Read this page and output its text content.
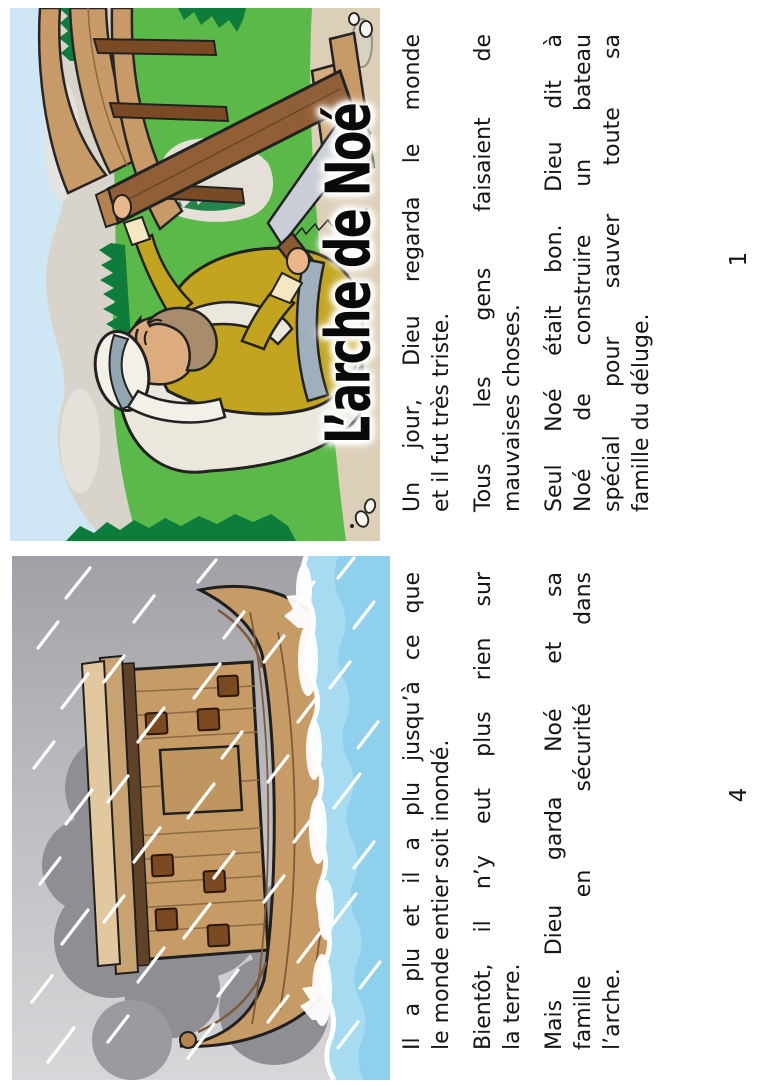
L’arche de Noé
Il a plu et il a plu jusqu’à ce que le monde entier soit inondé. Bientôt, il n’y eut plus rien sur la terre. Mais Dieu garda Noé et sa famille en sécurité dans l’arche.
Un jour, Dieu regarda le monde et il fut très triste. Tous les gens faisaient de mauvaises choses. Seul Noé était bon. Dieu dit à Noé de construire un bateau spécial pour sauver toute sa famille du déluge.
4
1
